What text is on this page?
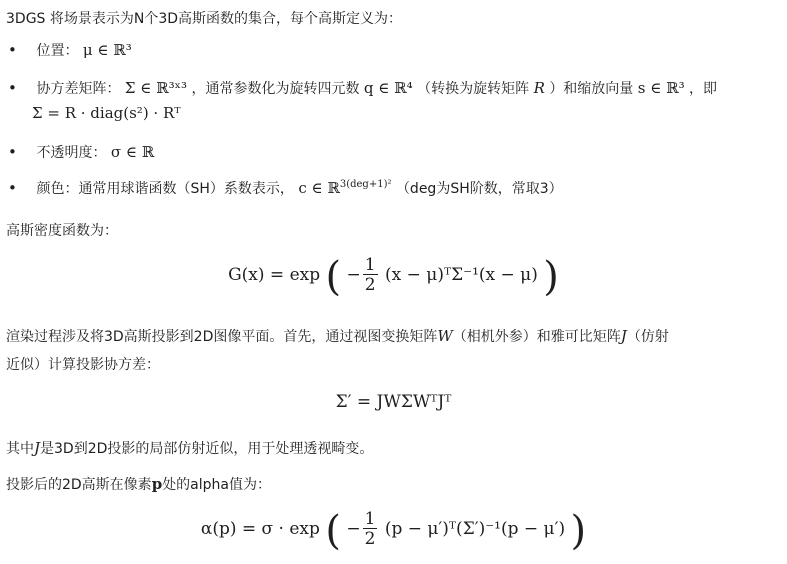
3DGS 将场景表示为N个3D高斯函数的集合，每个高斯定义为：
• 位置： μ ∈ ℝ³
• 协方差矩阵： Σ ∈ ℝ³ˣ³ ，通常参数化为旋转四元数 q ∈ ℝ⁴ （转换为旋转矩阵 R ）和缩放向量 s ∈ ℝ³ ，即
Σ = R · diag(s²) · Rᵀ
• 不透明度： σ ∈ ℝ
• 颜色：通常用球谐函数（SH）系数表示， c ∈ ℝ$^{3(deg+1)^2}$ （deg为SH阶数，常取3）
高斯密度函数为：
G(x) = exp ( − $\frac{1}{2} (x$ − μ)ᵀΣ⁻¹(x − μ) )
渲染过程涉及将3D高斯投影到2D图像平面。首先，通过视图变换矩阵W（相机外参）和雅可比矩阵J（仿射
近似）计算投影协方差：
Σ′ = JWΣWᵀJᵀ
其中J是3D到2D投影的局部仿射近似，用于处理透视畸变。
投影后的2D高斯在像素p处的alpha值为：
α(p) = σ · exp ( − $\frac{1}{2} (p$ − μ′)ᵀ(Σ′)⁻¹(p − μ′) )
